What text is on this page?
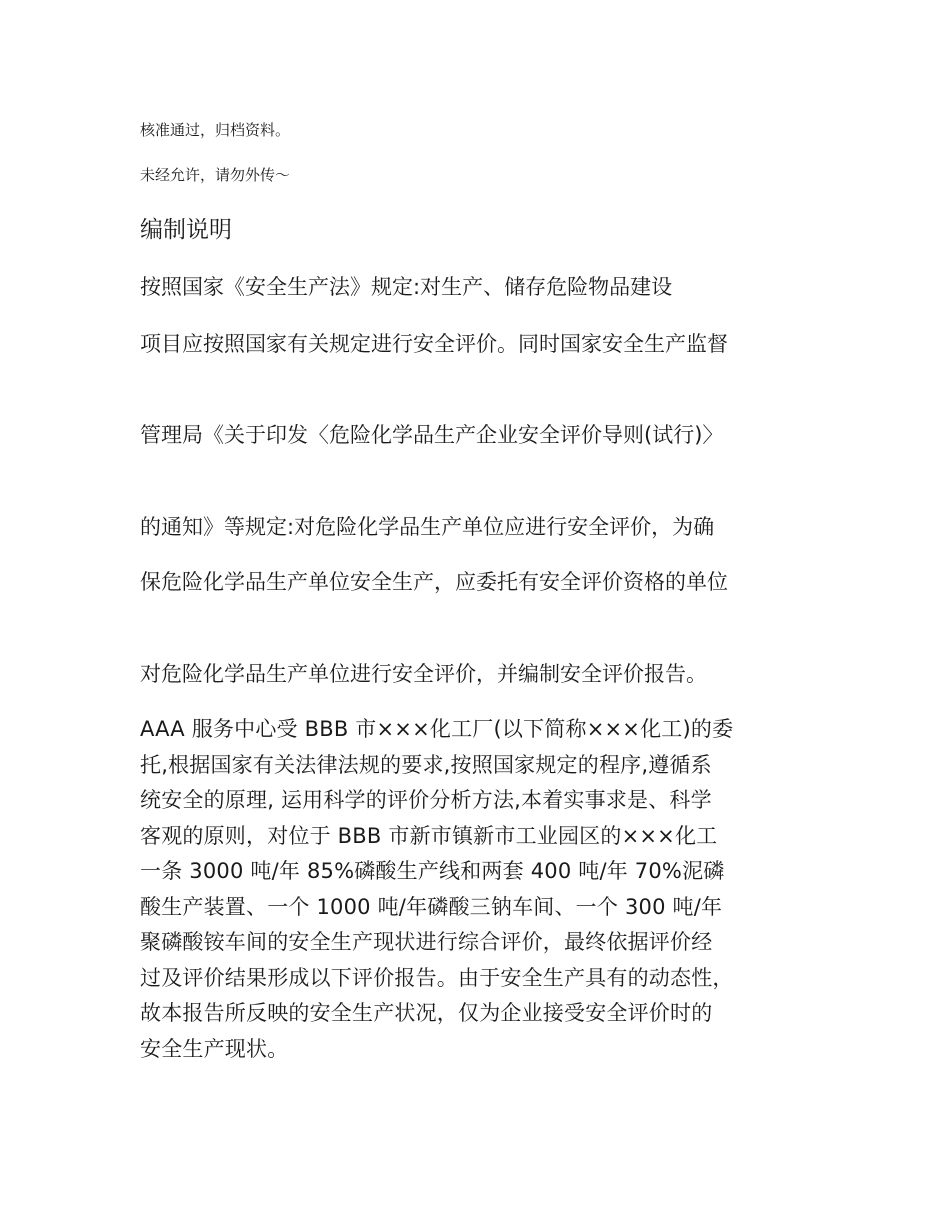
核准通过，归档资料。
未经允许，请勿外传～
编制说明
按照国家《安全生产法》规定:对生产、储存危险物品建设
项目应按照国家有关规定进行安全评价。同时国家安全生产监督
管理局《关于印发〈危险化学品生产企业安全评价导则(试行)〉
的通知》等规定:对危险化学品生产单位应进行安全评价，为确
保危险化学品生产单位安全生产，应委托有安全评价资格的单位
对危险化学品生产单位进行安全评价，并编制安全评价报告。
AAA 服务中心受 BBB 市×××化工厂(以下简称×××化工)的委
托,根据国家有关法律法规的要求,按照国家规定的程序,遵循系
统安全的原理, 运用科学的评价分析方法,本着实事求是、科学
客观的原则，对位于 BBB 市新市镇新市工业园区的×××化工
一条 3000 吨/年 85%磷酸生产线和两套 400 吨/年 70%泥磷
酸生产装置、一个 1000 吨/年磷酸三钠车间、一个 300 吨/年
聚磷酸铵车间的安全生产现状进行综合评价，最终依据评价经
过及评价结果形成以下评价报告。由于安全生产具有的动态性，
故本报告所反映的安全生产状况，仅为企业接受安全评价时的
安全生产现状。
